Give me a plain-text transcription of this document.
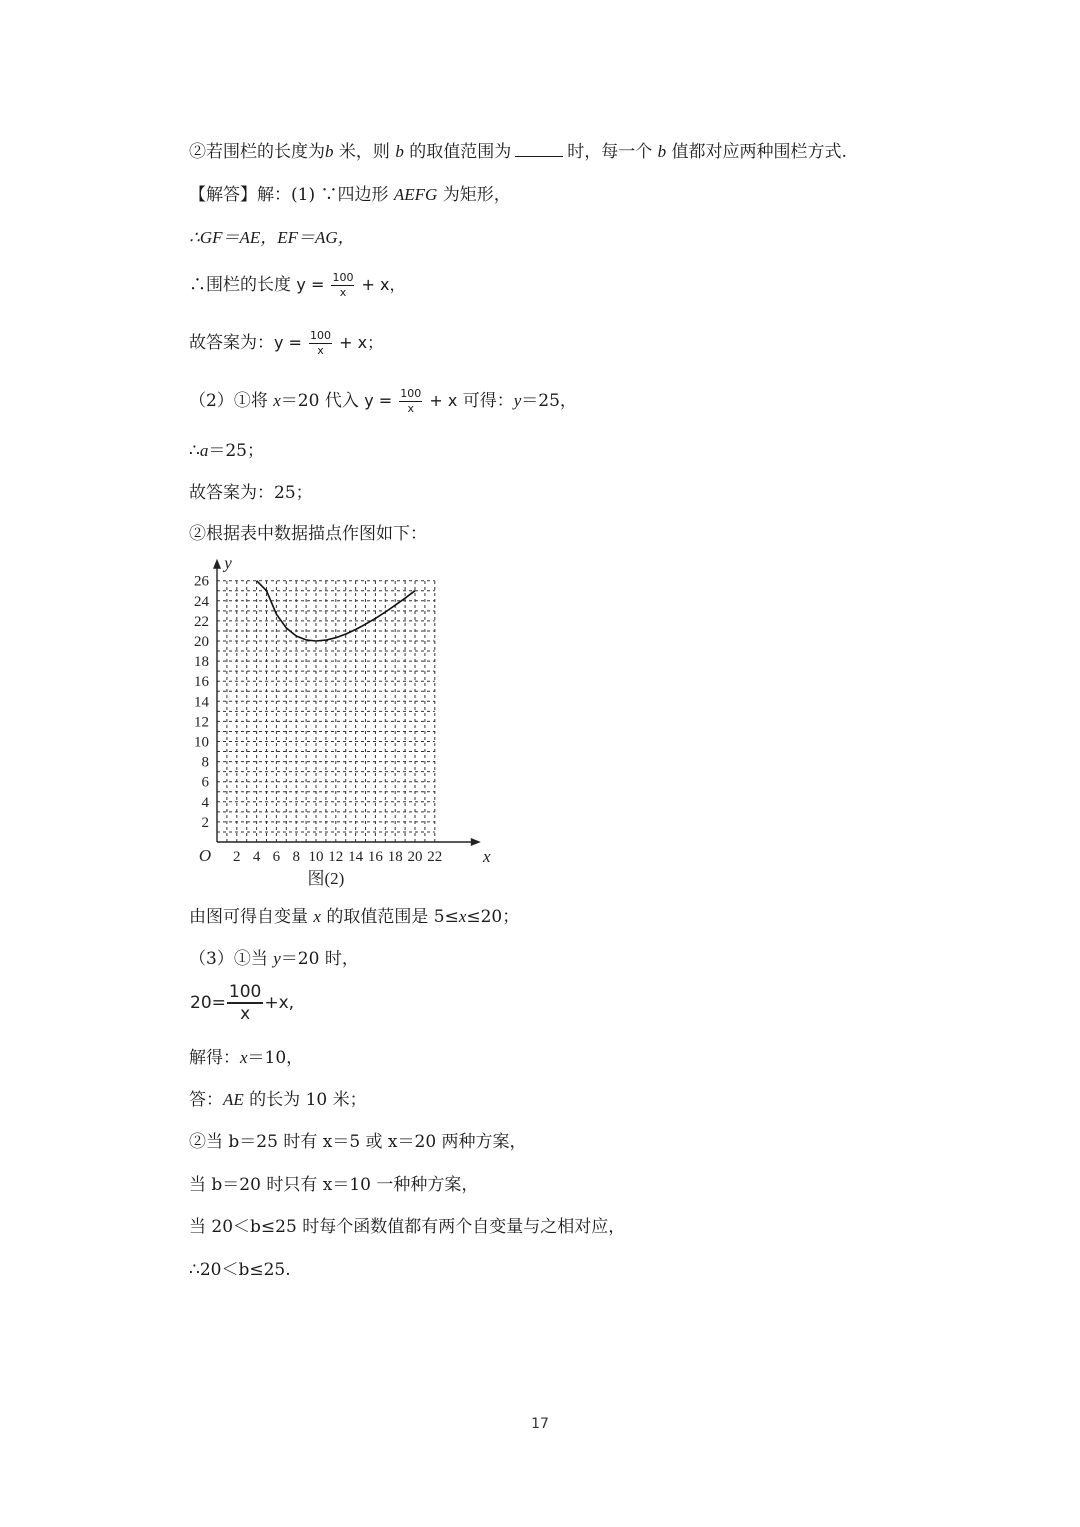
②若围栏的长度为b 米，则 b 的取值范围为	时，每一个 b 值都对应两种围栏方式.
【解答】解：(1) ∵四边形 AEFG 为矩形，
∴GF＝AE，EF＝AG，
∴围栏的长度 $y = \frac{100}{x} + x$，
故答案为：$y = \frac{100}{x} + x$；
（2）①将 x＝20 代入 $y = \frac{100}{x} + x$ 可得：y＝25，
∴a＝25；
故答案为：25；
②根据表中数据描点作图如下：
2
4
6
8
10
12
14
16
18
20
22
24
26
2 4 6 8 10 12 14 16 18 20 22
O	x
y
图(2)
由图可得自变量 x 的取值范围是 5≤x≤20；
（3）①当 y＝20 时，
$20= \frac{100}{x} +x$,
解得：x＝10，
答：AE 的长为 10 米；
②当 b＝25 时有 x＝5 或 x＝20 两种方案，
当 b＝20 时只有 x＝10 一种种方案，
当 20＜b≤25 时每个函数值都有两个自变量与之相对应，
∴20＜b≤25.
17
